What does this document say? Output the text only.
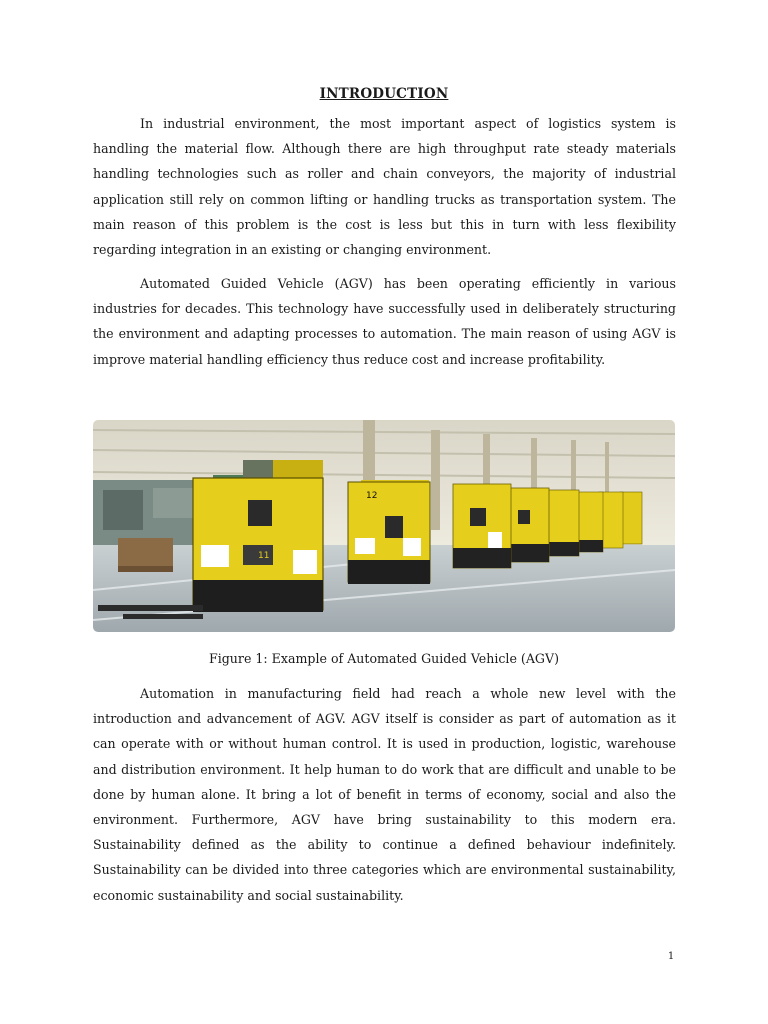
INTRODUCTION

In industrial environment, the most important aspect of logistics system is handling the material flow. Although there are high throughput rate steady materials handling technologies such as roller and chain conveyors, the majority of industrial application still rely on common lifting or handling trucks as transportation system. The main reason of this problem is the cost is less but this in turn with less flexibility regarding integration in an existing or changing environment.

Automated Guided Vehicle (AGV) has been operating efficiently in various industries for decades. This technology have successfully used in deliberately structuring the environment and adapting processes to automation. The main reason of using AGV is improve material handling efficiency thus reduce cost and increase profitability.

12
11
Figure 1: Example of Automated Guided Vehicle (AGV)

Automation in manufacturing field had reach a whole new level with the introduction and advancement of AGV. AGV itself is consider as part of automation as it can operate with or without human control. It is used in production, logistic, warehouse and distribution environment. It help human to do work that are difficult and unable to be done by human alone. It bring a lot of benefit in terms of economy, social and also the environment. Furthermore, AGV have bring sustainability to this modern era. Sustainability defined as the ability to continue a defined behaviour indefinitely. Sustainability can be divided into three categories which are environmental sustainability, economic sustainability and social sustainability.

1
